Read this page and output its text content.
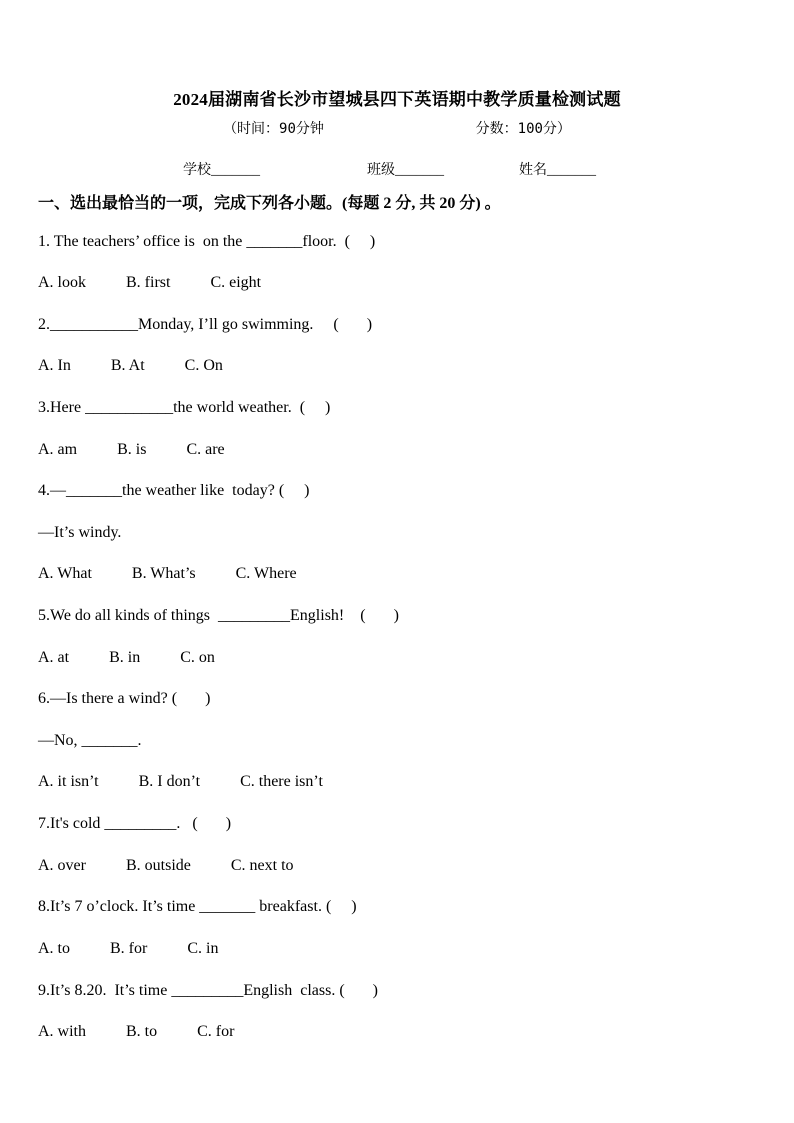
2024届湖南省长沙市望城县四下英语期中教学质量检测试题
（时间：90分钟                  分数：100分）
学校_______	班级_______	姓名_______
一、选出最恰当的一项，完成下列各小题。(每题 2 分, 共 20 分) 。
1. The teachers’ office is  on the _______floor.  (     )
A. look          B. first          C. eight
2.___________Monday, I’ll go swimming.     (       )
A. In          B. At          C. On
3.Here ___________the world weather.  (     )
A. am          B. is          C. are
4.—_______the weather like  today? (     )
—It’s windy.
A. What          B. What’s          C. Where
5.We do all kinds of things  _________English!    (       )
A. at          B. in          C. on
6.—Is there a wind? (       )
—No, _______.
A. it isn’t          B. I don’t          C. there isn’t
7.It's cold _________.   (       )
A. over          B. outside          C. next to
8.It’s 7 o’clock. It’s time _______ breakfast. (     )
A. to          B. for          C. in
9.It’s 8.20.  It’s time _________English  class. (       )
A. with          B. to          C. for
